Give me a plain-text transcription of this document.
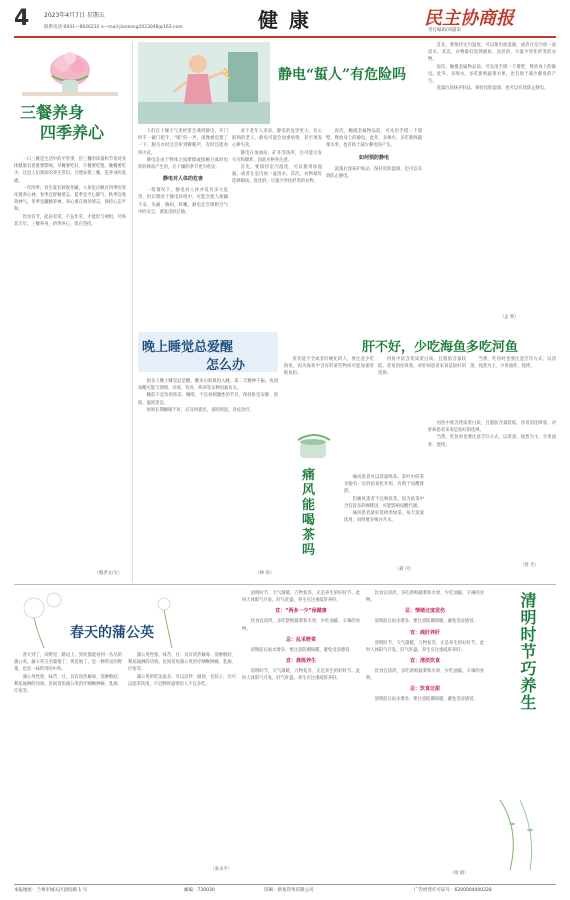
4 2023年4月7日 星期五
联系电话:0931—8926232 e—mail:jiankang2023048@163.com	健 康	民主协商报
责任编辑/刘露荣
三餐养身
四季养心

一日三餐是生活中的平常事，但三餐的质量和节奏对身体健康有着重要影响。早餐要吃好，午餐要吃饱，晚餐要吃少，这是人们熟知的养生常识。合理安排三餐，是养身的基础。

一年四季，春生夏长秋收冬藏，人体也应顺应四季的变化调养心神。春季宜舒畅情志，夏季宜平心静气，秋季宜收敛神气，冬季宜藏精养神。养心重在调养情志，保持心态平和。

饮食有节，起居有常，不妄作劳，才能形与神俱，尽终其天年。三餐养身，四季养心，贵在坚持。

（熊洪文/文）
静电“蜇人”有危险吗

人们在干燥天气里经常会遇到静电，开门时手一碰门把手，“啪”的一声，就像被电蜇了一下。脱毛衣时还会听到噼啪声，有时还能看到火花。

静电是由于物体之间摩擦或接触分离时电荷转移而产生的，在干燥的季节更为常见。

静电对人体的危害

一般情况下，静电对人体并没有多大危害，但长期处于静电环境中，可能会使人烦躁不安、头痛、胸闷、咳嗽。静电还会吸附空气中的灰尘，诱发皮肤过敏。

对于老年人来说，静电的危害更大。有心脏病的老人，静电可能会加重病情，甚至诱发心律失常。

静电在加油站、矿井等场所，还可能引发火灾和爆炸，因此应格外注意。

首先，要保持室内湿度，可以使用加湿器，或者在室内放一盆清水。其次，衣物最好选择棉质、真丝的，尽量少穿化纤类的衣物。

再次，触摸金属物品前，可先用手摸一下墙壁，释放身上的静电。此外，多喝水，多吃新鲜蔬菜水果，也有助于减少静电的产生。

如何预防静电

洗澡后涂抹护肤品，保持皮肤湿润，也可以有效防止静电。

首先，要保持室内湿度，可以使用加湿器，或者在室内放一盆清水。其次，衣物最好选择棉质、真丝的，尽量少穿化纤类的衣物。

再次，触摸金属物品前，可先用手摸一下墙壁，释放身上的静电。此外，多喝水，多吃新鲜蔬菜水果，也有助于减少静电的产生。

洗澡后涂抹护肤品，保持皮肤湿润，也可以有效防止静电。

（孟 辉）
晚上睡觉总爱醒
怎么办

很多人晚上睡觉总是醒，醒来后很难再入睡，第二天精神不振。夜间易醒可能与情绪、环境、饮食、疾病等多种因素有关。

睡前不宜饮用浓茶、咖啡，不宜看刺激性的节目。保持卧室安静、黑暗、温度适宜。

如果长期睡眠不好，应及时就医，查明原因，对症治疗。

（林 涛）
痛风能喝茶吗

痛风患者可以适量喝茶。茶叶中的茶多酚有一定的抗氧化作用，有助于尿酸排泄。

但痛风患者不宜喝浓茶，因为浓茶中含有较多的咖啡因，可能影响尿酸代谢。

痛风患者最好选择淡绿茶，每天适量饮用，同时要多喝白开水。

（聂 可）
肝不好，少吃海鱼多吃河鱼

肝功能不全或者肝硬化的人，要注意少吃海鱼，因为海鱼中含有的某些物质可能加重肝脏负担。

河鱼中富含优质蛋白质，且脂肪含量较低，容易消化吸收，对肝病患者来说是较好的选择。

当然，吃鱼时也要注意烹饪方式，以清蒸、炖煮为主，少用油炸、烧烤。

河鱼中富含优质蛋白质，且脂肪含量较低，容易消化吸收，对肝病患者来说是较好的选择。

当然，吃鱼时也要注意烹饪方式，以清蒸、炖煮为主，少用油炸、烧烤。

（春 光）
春天的蒲公英

春天到了，田野里、路边上，到处都能看到一丛丛的蒲公英。蒲公英又名婆婆丁、黄花地丁，是一种常见的野菜，也是一味常用的中药。

蒲公英性寒，味苦、甘，具有清热解毒、消肿散结、利尿通淋的功效。民间常用蒲公英治疗咽喉肿痛、乳痈、疔疮等。

蒲公英性寒，味苦、甘，具有清热解毒、消肿散结、利尿通淋的功效。民间常用蒲公英治疗咽喉肿痛、乳痈、疔疮等。

蒲公英的吃法很多，可以凉拌、做汤、包饺子，还可以泡茶饮用。不过脾胃虚寒的人不宜多吃。

（张永平）

清明时节，天气渐暖，万物复苏，正是养生的好时节。此时人体阳气升发，肝气旺盛，养生应注重疏肝养肝。

宜：“两多一少”保健康

饮食宜清淡，多吃新鲜蔬菜和水果，少吃油腻、辛辣的食物。

忌：乱采野菜

清明前后雨水增多，要注意防潮保暖，避免受凉感冒。

宜：晨练养生

清明时节，天气渐暖，万物复苏，正是养生的好时节。此时人体阳气升发，肝气旺盛，养生应注重疏肝养肝。

饮食宜清淡，多吃新鲜蔬菜和水果，少吃油腻、辛辣的食物。

忌：情绪过度悲伤

清明前后雨水增多，要注意防潮保暖，避免受凉感冒。

宜：疏肝养肝

清明时节，天气渐暖，万物复苏，正是养生的好时节。此时人体阳气升发，肝气旺盛，养生应注重疏肝养肝。

宜：清淡饮食

饮食宜清淡，多吃新鲜蔬菜和水果，少吃油腻、辛辣的食物。

忌：饮食过甜

清明前后雨水增多，要注意防潮保暖，避免受凉感冒。

（徐 炳）
清明时节巧养生
本报地址：兰州市城关区团结路 1 号	邮编：730030	印刷：新星印务有限公司	广告经营许可证号：6200004000228
